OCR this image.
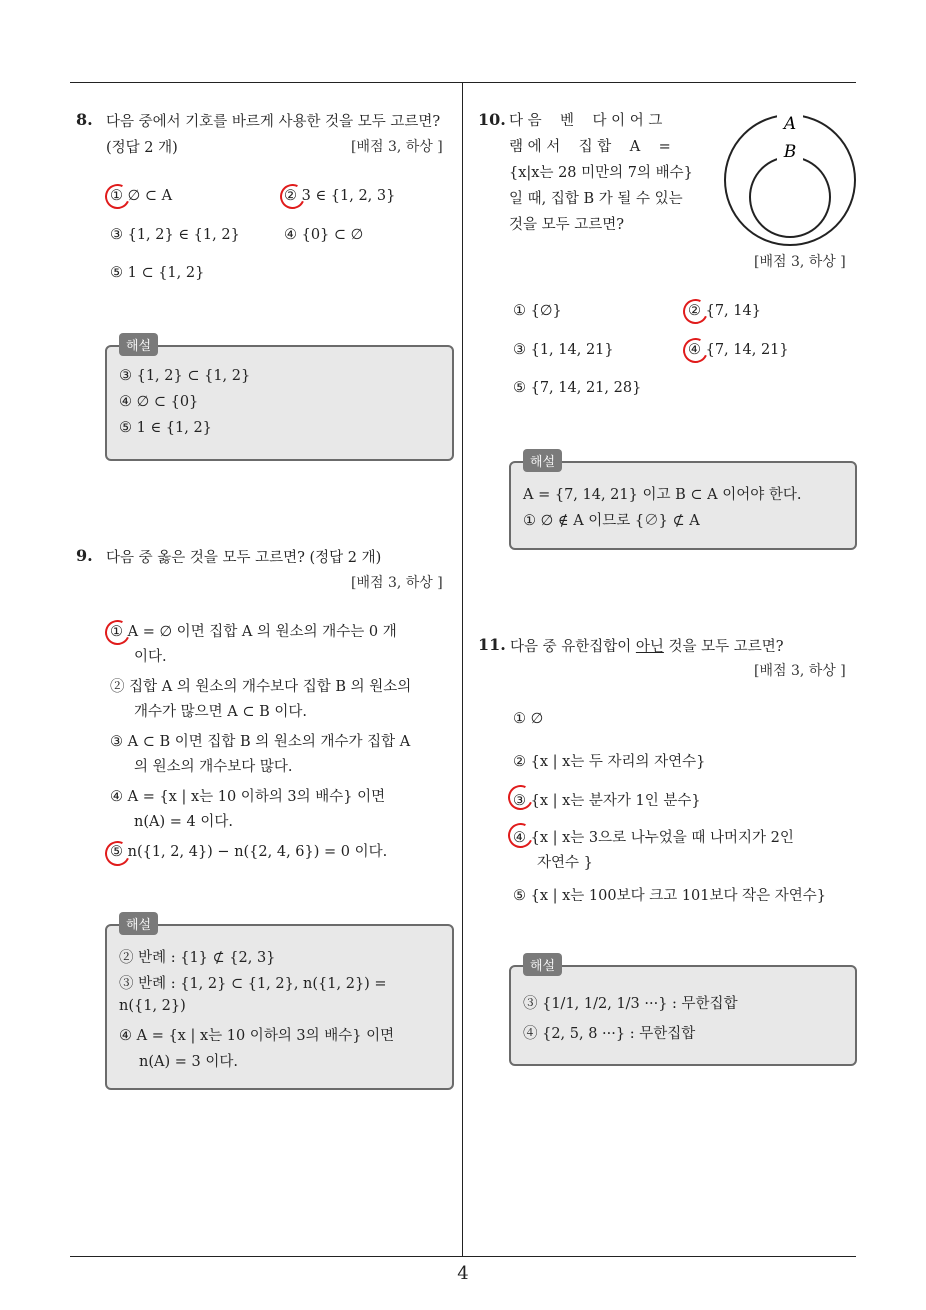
8. 다음 중에서 기호를 바르게 사용한 것을 모두 고르면?
(정답 2 개)	[배점 3, 하상 ]
① ∅ ⊂ A	② 3 ∈ {1, 2, 3}
③ {1, 2} ∈ {1, 2}	④ {0} ⊂ ∅
⑤ 1 ⊂ {1, 2}
해설
③ {1, 2} ⊂ {1, 2}
④ ∅ ⊂ {0}
⑤ 1 ∈ {1, 2}
9. 다음 중 옳은 것을 모두 고르면? (정답 2 개)
[배점 3, 하상 ]
① A = ∅ 이면 집합 A 의 원소의 개수는 0 개
이다.
② 집합 A 의 원소의 개수보다 집합 B 의 원소의
개수가 많으면 A ⊂ B 이다.
③ A ⊂ B 이면 집합 B 의 원소의 개수가 집합 A
의 원소의 개수보다 많다.
④ A = {x | x는 10 이하의 3의 배수} 이면
n(A) = 4 이다.
⑤ n({1, 2, 4}) − n({2, 4, 6}) = 0 이다.
해설
② 반례 : {1} ⊄ {2, 3}
③ 반례 : {1, 2} ⊂ {1, 2}, n({1, 2}) =
n({1, 2})
④ A = {x | x는 10 이하의 3의 배수} 이면
n(A) = 3 이다.
10. 다 음    벤    다 이 어 그
램 에 서    집 합    A    =
{x|x는 28 미만의 7의 배수}
일 때, 집합 B 가 될 수 있는
것을 모두 고르면?
A
B
[배점 3, 하상 ]
① {∅}	② {7, 14}
③ {1, 14, 21}	④ {7, 14, 21}
⑤ {7, 14, 21, 28}
해설
A = {7, 14, 21} 이고 B ⊂ A 이어야 한다.
① ∅ ∉ A 이므로 {∅} ⊄ A
11. 다음 중 유한집합이 아닌 것을 모두 고르면?
[배점 3, 하상 ]
① ∅
② {x | x는 두 자리의 자연수}
③ {x | x는 분자가 1인 분수}
④ {x | x는 3으로 나누었을 때 나머지가 2인
자연수 }
⑤ {x | x는 100보다 크고 101보다 작은 자연수}
해설
③ {1/1, 1/2, 1/3 ···} : 무한집합
④ {2, 5, 8 ···} : 무한집합
4
